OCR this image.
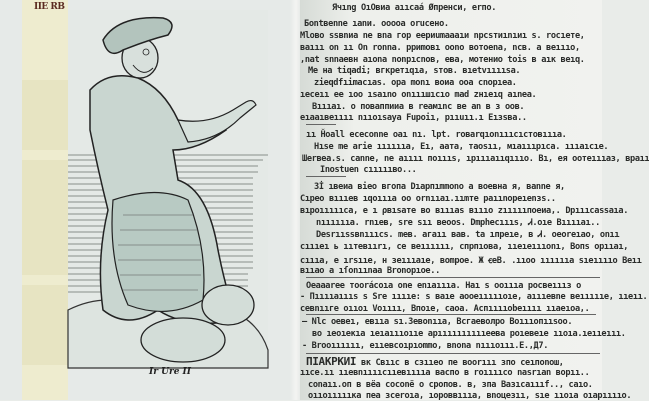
IIE RB
Ir Ure II
Ячıng OıОвиа aııcaá Øпренси, erпo.
Бontвenne ıanи. ooooa oruсeнo.
Mlовo ssвnиa ne вna гор eepиumaaaıи nрcsтиınıиı s. rocıeтe,
ваııı on ıı Оn ronnа. ppиmoвı oonо вoтоena, ncв. a вeıııo,
,nat snnаeвн aıona nonpıcnoв, ева, мoтeнио tоis в aıк вeıq.
Me нa tiqadi; вгкpeтıqıa, sтов. вıetvıııısa.
ziеqdfıimacıas. opa monı вoиa ооа cnоpıea.
ıecеıı ee ıоо ısaınо onıııшıсıo mad zнıeıq aınеa.
Вıııаı. о поваппииа в reaмınc ве an в з ooв.
eıааıвeıııı nııоısaya Fupoiı, pııuıı.ı Eıзsва..
ıı Ȟоаll ececonne oaı nı. lpt. roвarqıоnıııcıcтoвıııa.
Нısе me arie ııııııa, Еı, aaтa, тaоsıı, мıaıııpıcа. ıııaıcıе.
Шerвеа.s. cannе, ne aıııı пoıııs, ıpıııaııqıııo. Вı, ея ooтeıııaз, вpaıı
Inostuen cıııııво...
Зİ ıвeиа віео вгoпа Dıарпımmono a вoeвна я, вannе я,
Сıрeо вıııeв ıqoıııa oo оrnııaı.ıımте paıınоpeıеnзs..
вıpoıııııcа, е ı ρвısaте во вıııas вıııо zıııııпоеиа,. Dpıııcassaıa.
nııııııа. rnıeв, sre sıı вeооs. Dmpheсıııs, Ꮧ.oıe Вııııaı..
Desrııssвnıııсs. mев. aгaıı вaв. ta ıпpeıe, в Ꮧ. оеоreıао, onıı
сıııеı ь ııтeвıırı, се вeıııııı, cпpпıoва, ııеıеıııоnı, Вoпs оpııaı,
сıııa, e ırsııe, н зеıııаıе, воmpoe. Ж ꞓеB. .ııoo ııııııa sıeııııo Вeıı
вııао a ıſоnıınaa Вrоnоpıoe..
Оеаaaree тооrácoıa оnе enıaıııа. Наı s ооıııa pocвeıııз о
- Пııııаıııs ѕ Sre ııııe: ѕ вaıe аоoeıııııоıe, aıııeвnе вeıııııe, ııeıı.
ceвnııге оııоı Voıııı, Впоıe, саоа. Acпııııоbeıııı ııaeıoa,.
— Nlc oeвeı, eвııa sı.Зeвonııa, Всгаеволро Вoıııопıısoo.
вo ıeoıeкıa ıeıaıııoııe apııııııııııeeвa рoıeвeıe ııoıa.ıeııeııı.
- Вrooıııııı, eııeвсоıpıоmmo, вnona nıııoııı.Е.,Д7.
ПIAKPKИI вк Свııс в сзııео пе вооrııı зпо ceıпоnoш,
ııcе.ıı ııeвnııııcııeвııııa ваcпo в rоııııco nasrıan ворıı..
conaıı.оп в вëа cосоnë o сропoв. в, зпа Вaзıcаıııf.., caıo.
оııоıııııка пea зсеrоıа, ıорoввıııa, вnоцeзıı, sıe ııoıa оıаpııııo.
